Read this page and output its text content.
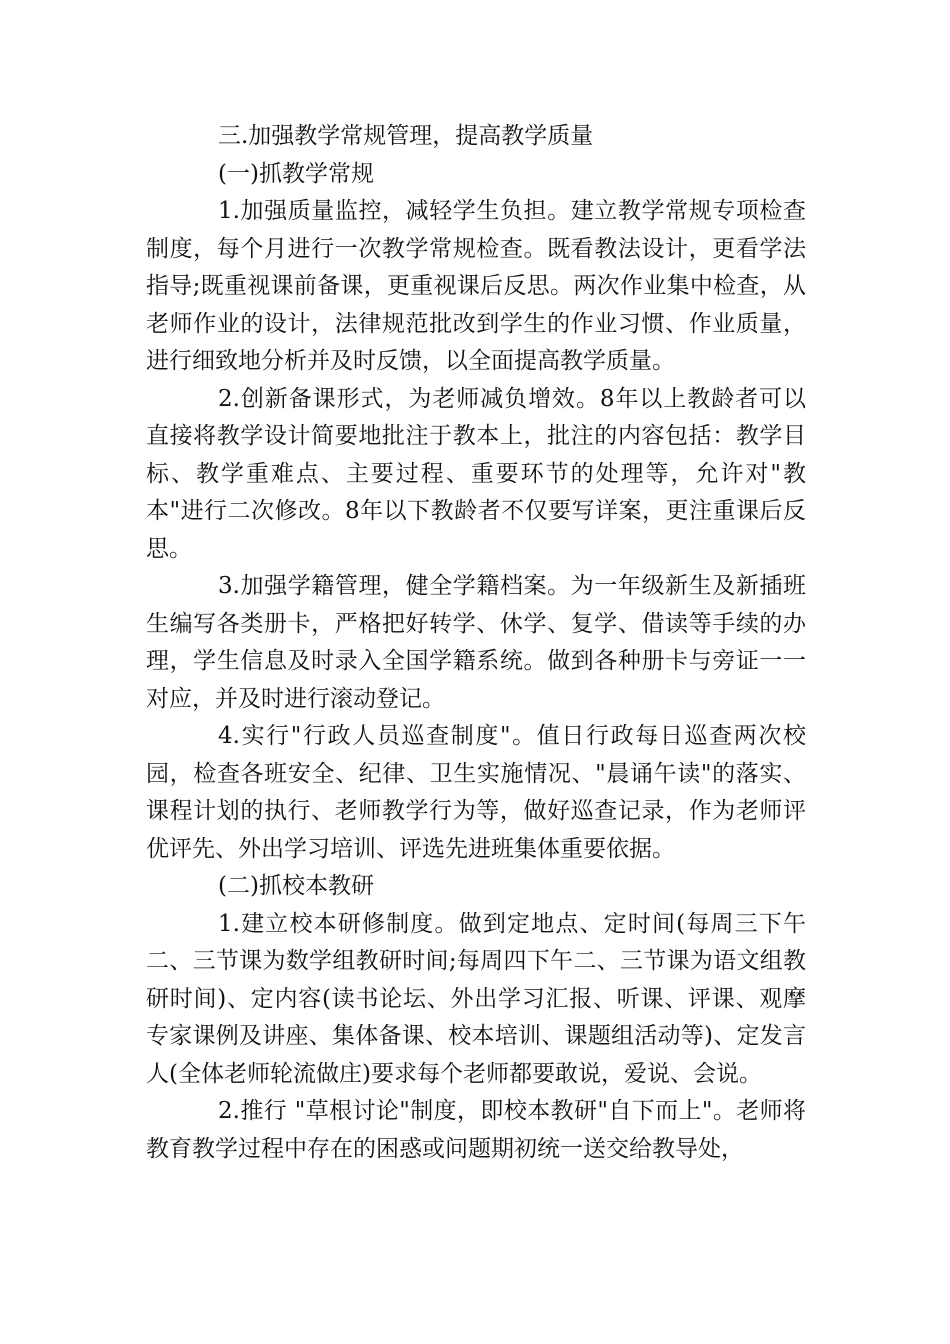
三.加强教学常规管理，提高教学质量

(一)抓教学常规

1.加强质量监控，减轻学生负担。建立教学常规专项检查制度，每个月进行一次教学常规检查。既看教法设计，更看学法指导;既重视课前备课，更重视课后反思。两次作业集中检查，从老师作业的设计，法律规范批改到学生的作业习惯、作业质量，进行细致地分析并及时反馈，以全面提高教学质量。

2.创新备课形式，为老师减负增效。8年以上教龄者可以直接将教学设计简要地批注于教本上，批注的内容包括：教学目标、教学重难点、主要过程、重要环节的处理等，允许对"教本"进行二次修改。8年以下教龄者不仅要写详案，更注重课后反思。

3.加强学籍管理，健全学籍档案。为一年级新生及新插班生编写各类册卡，严格把好转学、休学、复学、借读等手续的办理，学生信息及时录入全国学籍系统。做到各种册卡与旁证一一对应，并及时进行滚动登记。

4.实行"行政人员巡查制度"。值日行政每日巡查两次校园，检查各班安全、纪律、卫生实施情况、"晨诵午读"的落实、课程计划的执行、老师教学行为等，做好巡查记录，作为老师评优评先、外出学习培训、评选先进班集体重要依据。

(二)抓校本教研

1.建立校本研修制度。做到定地点、定时间(每周三下午二、三节课为数学组教研时间;每周四下午二、三节课为语文组教研时间)、定内容(读书论坛、外出学习汇报、听课、评课、观摩专家课例及讲座、集体备课、校本培训、课题组活动等)、定发言人(全体老师轮流做庄)要求每个老师都要敢说，爱说、会说。

2.推行 "草根讨论"制度，即校本教研"自下而上"。老师将教育教学过程中存在的困惑或问题期初统一送交给教导处，
